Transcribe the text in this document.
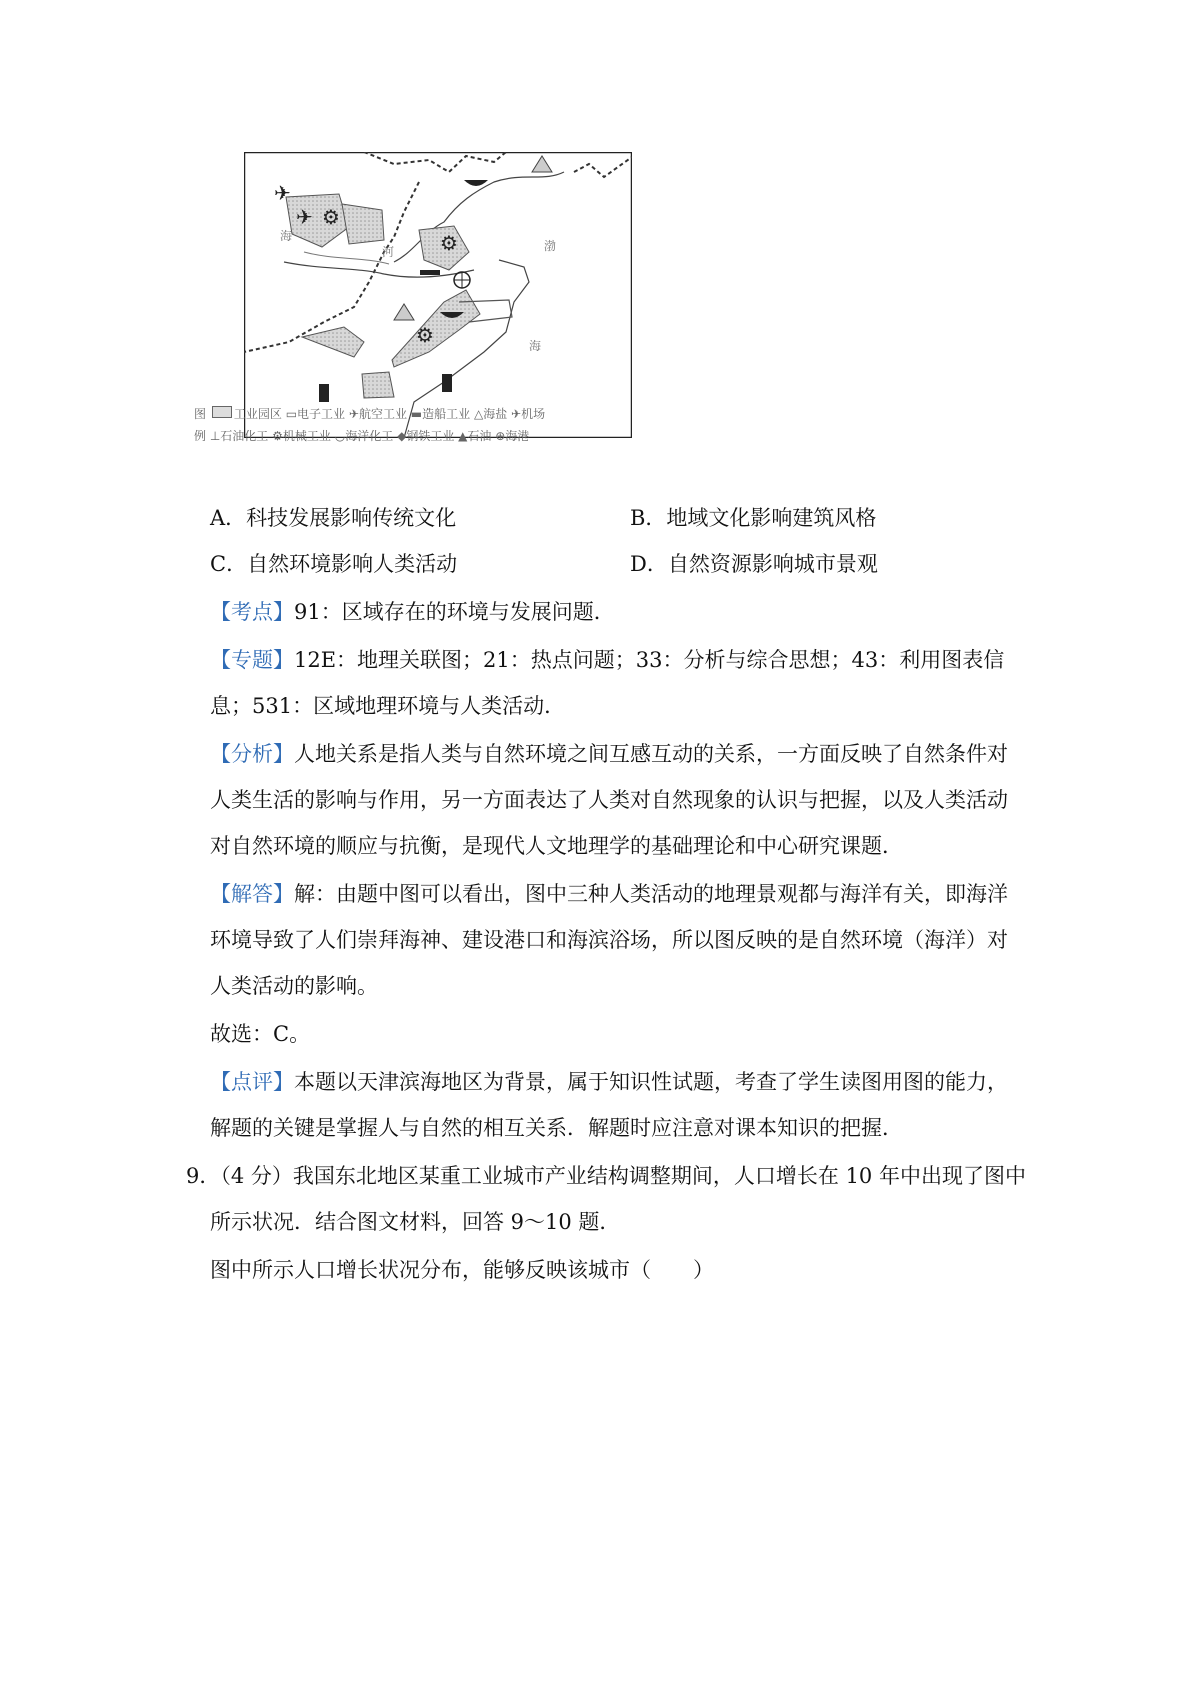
✈
✈ ⚙
⚙
⚙
海
河	渤
海
图 工业园区 ▭电子工业 ✈航空工业 ▬造船工业 △海盐 ✈机场
例 ⊥石油化工 ⚙机械工业 ◡海洋化工 ◆钢铁工业 ▲石油 ⊕海港
A．科技发展影响传统文化	B．地域文化影响建筑风格
C．自然环境影响人类活动	D．自然资源影响城市景观
【考点】91：区域存在的环境与发展问题．
【专题】12E：地理关联图；21：热点问题；33：分析与综合思想；43：利用图表信
息；531：区域地理环境与人类活动．
【分析】人地关系是指人类与自然环境之间互感互动的关系，一方面反映了自然条件对
人类生活的影响与作用，另一方面表达了人类对自然现象的认识与把握，以及人类活动
对自然环境的顺应与抗衡，是现代人文地理学的基础理论和中心研究课题．
【解答】解：由题中图可以看出，图中三种人类活动的地理景观都与海洋有关，即海洋
环境导致了人们崇拜海神、建设港口和海滨浴场，所以图反映的是自然环境（海洋）对
人类活动的影响。
故选：C。
【点评】本题以天津滨海地区为背景，属于知识性试题，考查了学生读图用图的能力，
解题的关键是掌握人与自然的相互关系．解题时应注意对课本知识的把握．
9．（4 分）我国东北地区某重工业城市产业结构调整期间，人口增长在 10 年中出现了图中
所示状况．结合图文材料，回答 9～10 题．
图中所示人口增长状况分布，能够反映该城市（　　）
